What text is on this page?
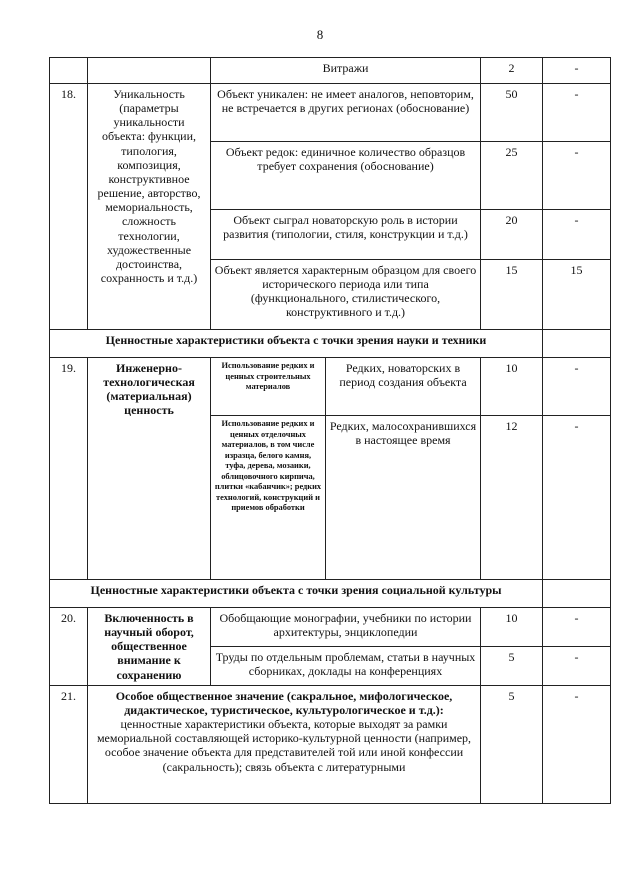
8
		Витражи		2	-
18.	Уникальность (параметры уникальности объекта: функции, типология, композиция, конструктивное решение, авторство, мемориальность, сложность технологии, художественные достоинства, сохранность и т.д.)	Объект уникален: не имеет аналогов, неповторим, не встречается в других регионах (обоснование)		50	-
		Объект редок: единичное количество образцов требует сохранения (обоснование)		25	-
		Объект сыграл новаторскую роль в истории развития (типологии, стиля, конструкции и т.д.)		20	-
		Объект является характерным образцом для своего исторического периода или типа (функционального, стилистического, конструктивного и т.д.)		15	15
Ценностные характеристики объекта с точки зрения науки и техники					
19.	Инженерно-технологическая (материальная) ценность	Использование редких и ценных строительных материалов	Редких, новаторских в период создания объекта	10	-
		Использование редких и ценных отделочных материалов, в том числе изразца, белого камня, туфа, дерева, мозаики, облицовочного кирпича, плитки «кабанчик»; редких технологий, конструкций и приемов обработки	Редких, малосохранившихся в настоящее время	12	-
Ценностные характеристики объекта с точки зрения социальной культуры					
20.	Включенность в научный оборот, общественное внимание к сохранению	Обобщающие монографии, учебники по истории архитектуры, энциклопедии		10	-
		Труды по отдельным проблемам, статьи в научных сборниках, доклады на конференциях		5	-
21.	Особое общественное значение (сакральное, мифологическое, дидактическое, туристическое, культурологическое и т.д.):
ценностные характеристики объекта, которые выходят за рамки мемориальной составляющей историко-культурной ценности (например, особое значение объекта для представителей той или иной конфессии (сакральность); связь объекта с литературными			5	-
